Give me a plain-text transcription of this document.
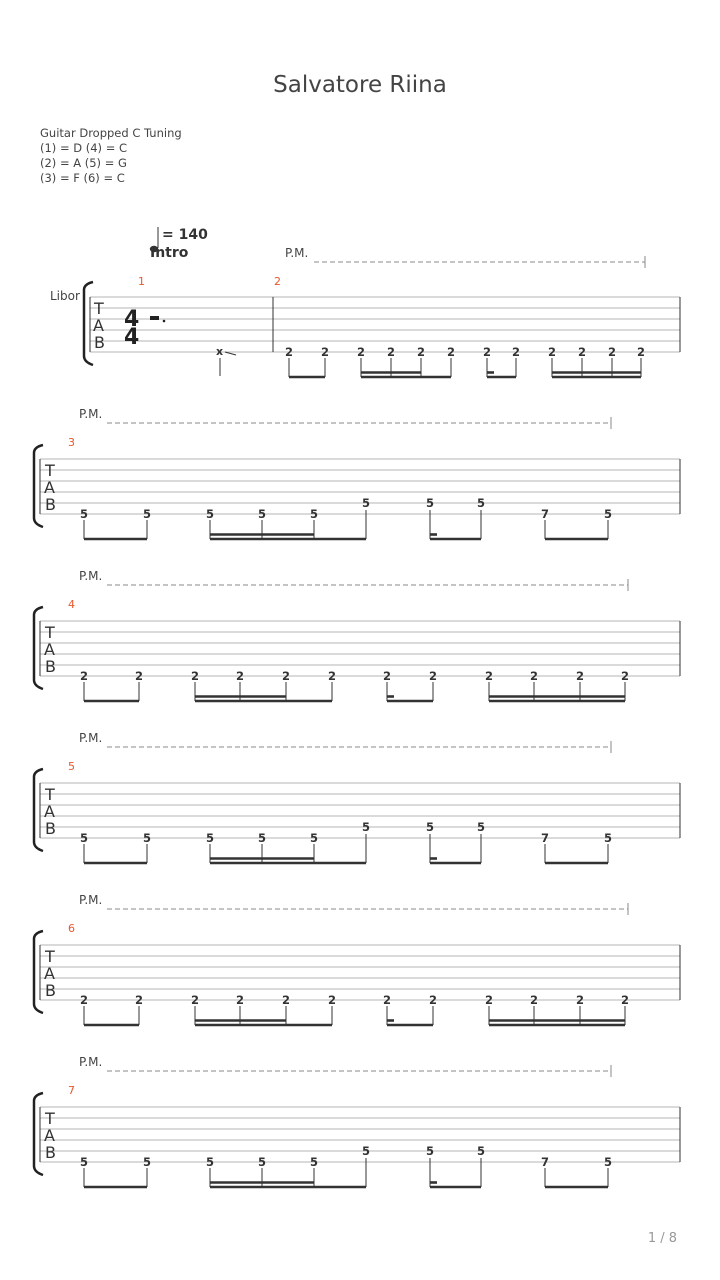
Salvatore Riina
Guitar Dropped C Tuning
(1) = D (4) = C
(2) = A (5) = G
(3) = F (6) = C
= 140
Intro
Libor
P.M.
T
A
B
4
4
1	2
x	2 2 2 2 2 2 2 2 2 2 2 2
P.M.
T
A
B
3
5	5	5	5	5
5	5	5
7	5
P.M.
T
A
B
4
2	2	2	2	2	2	2	2	2	2	2	2
P.M.
T
A
B
5
5	5	5	5	5
5	5	5
7	5
P.M.
T
A
B
6
2	2	2	2	2	2	2	2	2	2	2	2
P.M.
T
A
B
7
5	5	5	5	5
5	5	5
7	5
1 / 8
